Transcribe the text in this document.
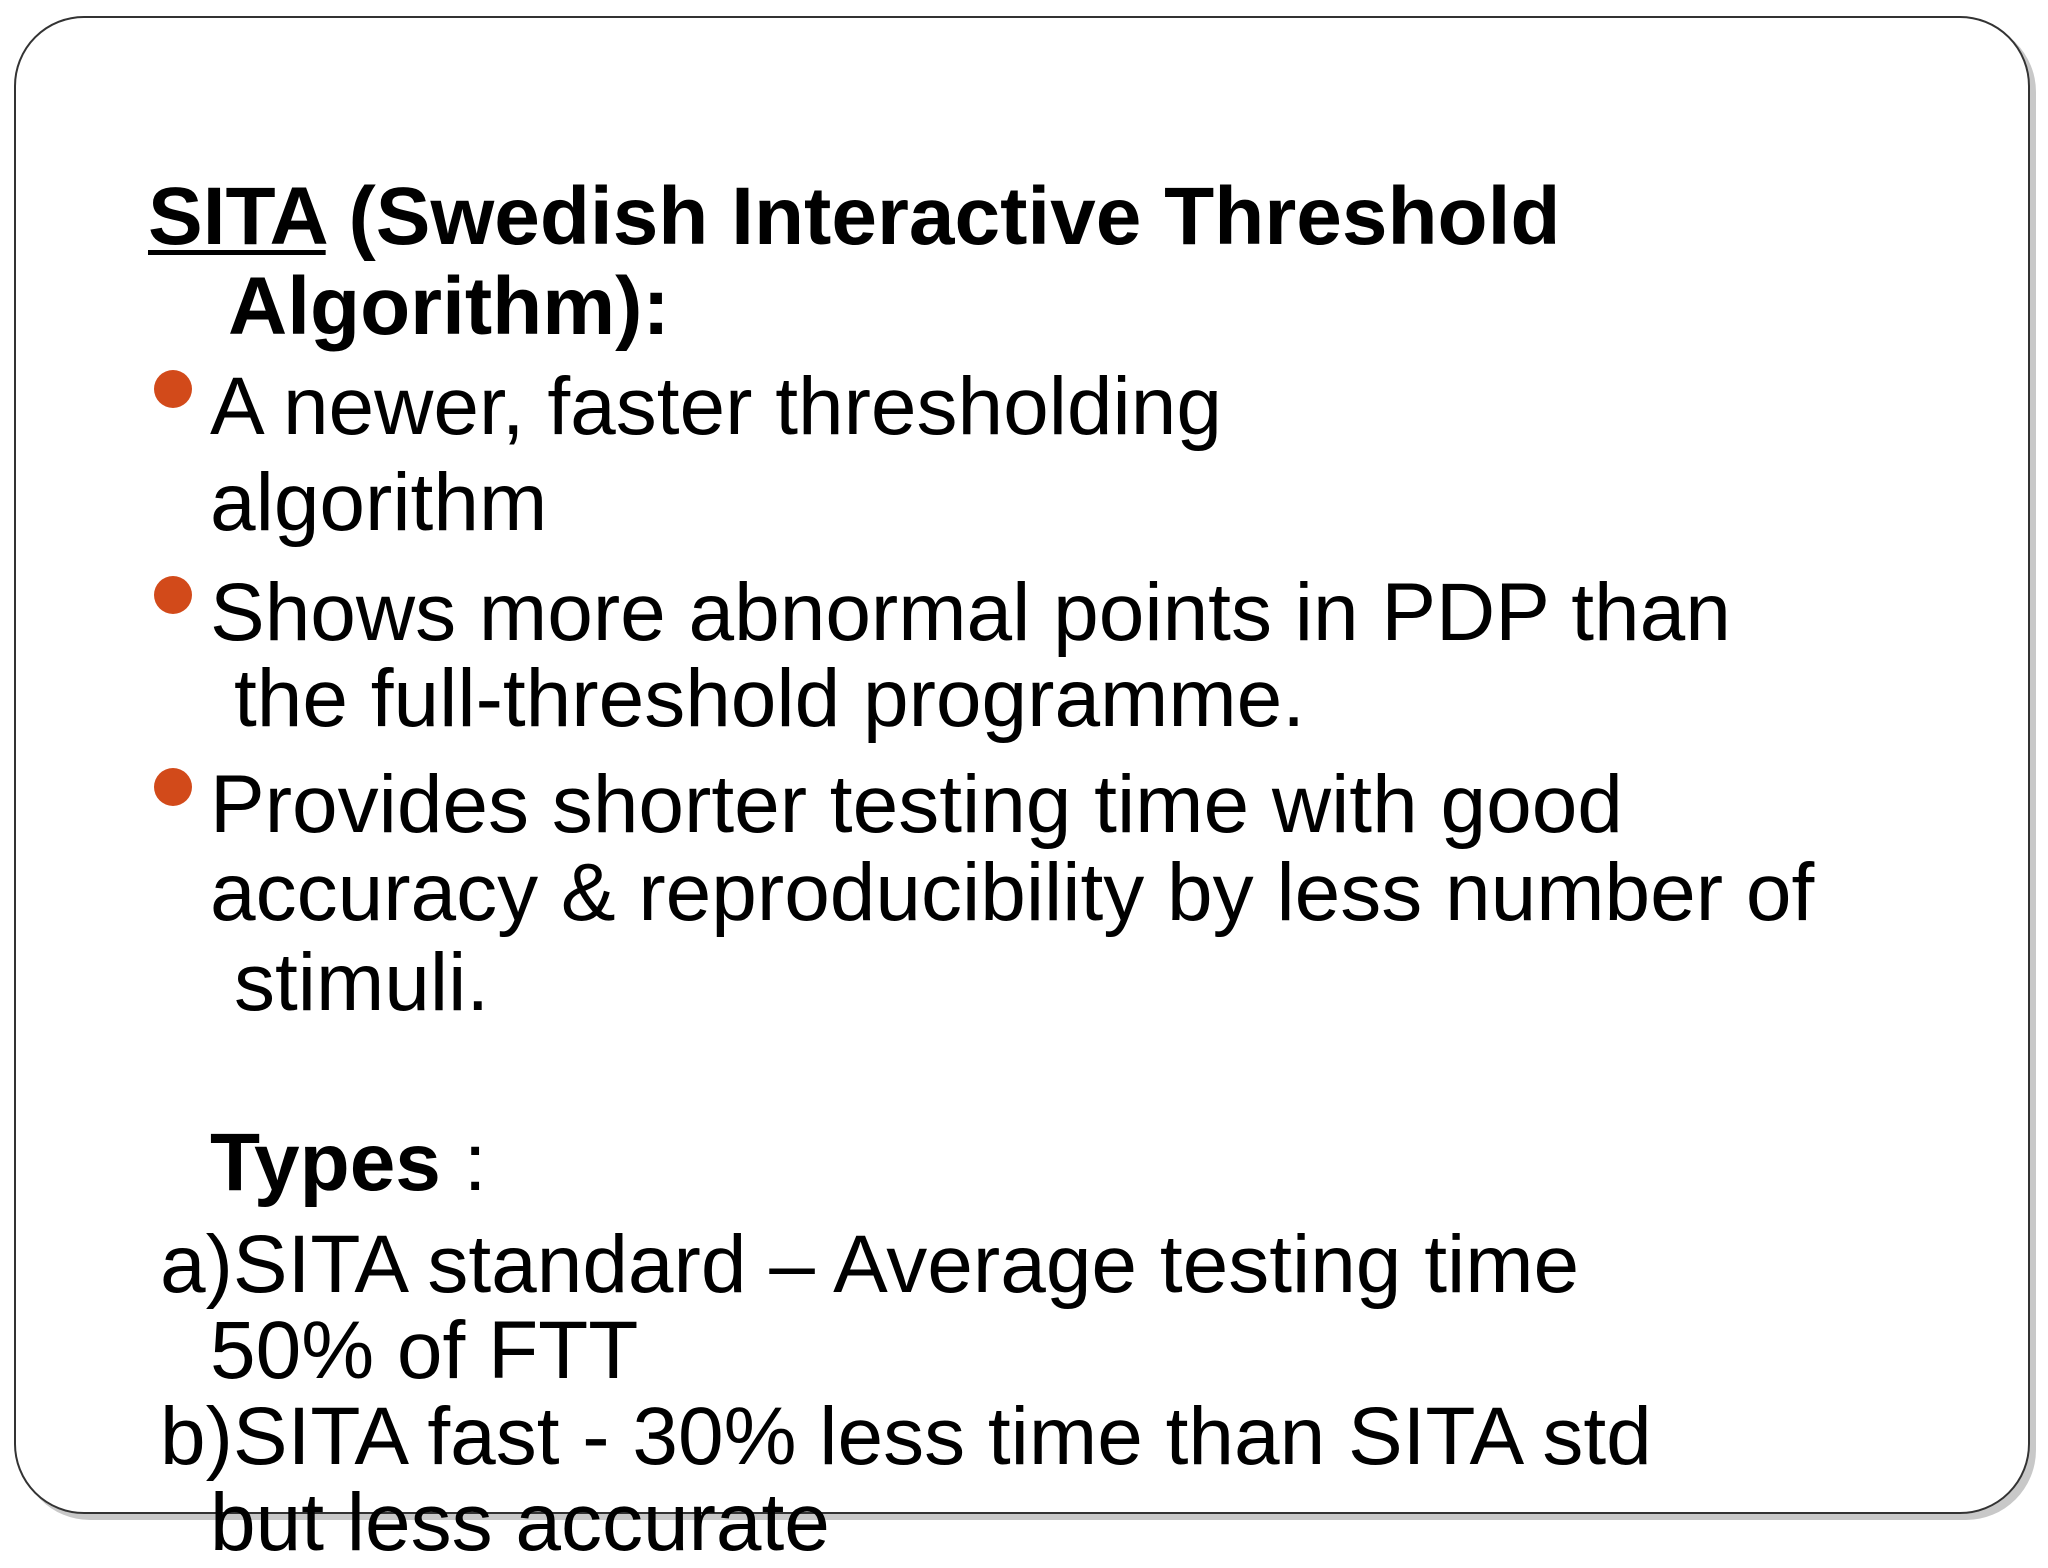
SITA (Swedish Interactive Threshold
Algorithm):
A newer, faster thresholding
algorithm
Shows more abnormal points in PDP than
the full-threshold programme.
Provides shorter testing time with good
accuracy & reproducibility by less number of
stimuli.
Types :
a)SITA standard – Average testing time
50% of FTT
b)SITA fast - 30% less time than SITA std
but less accurate
